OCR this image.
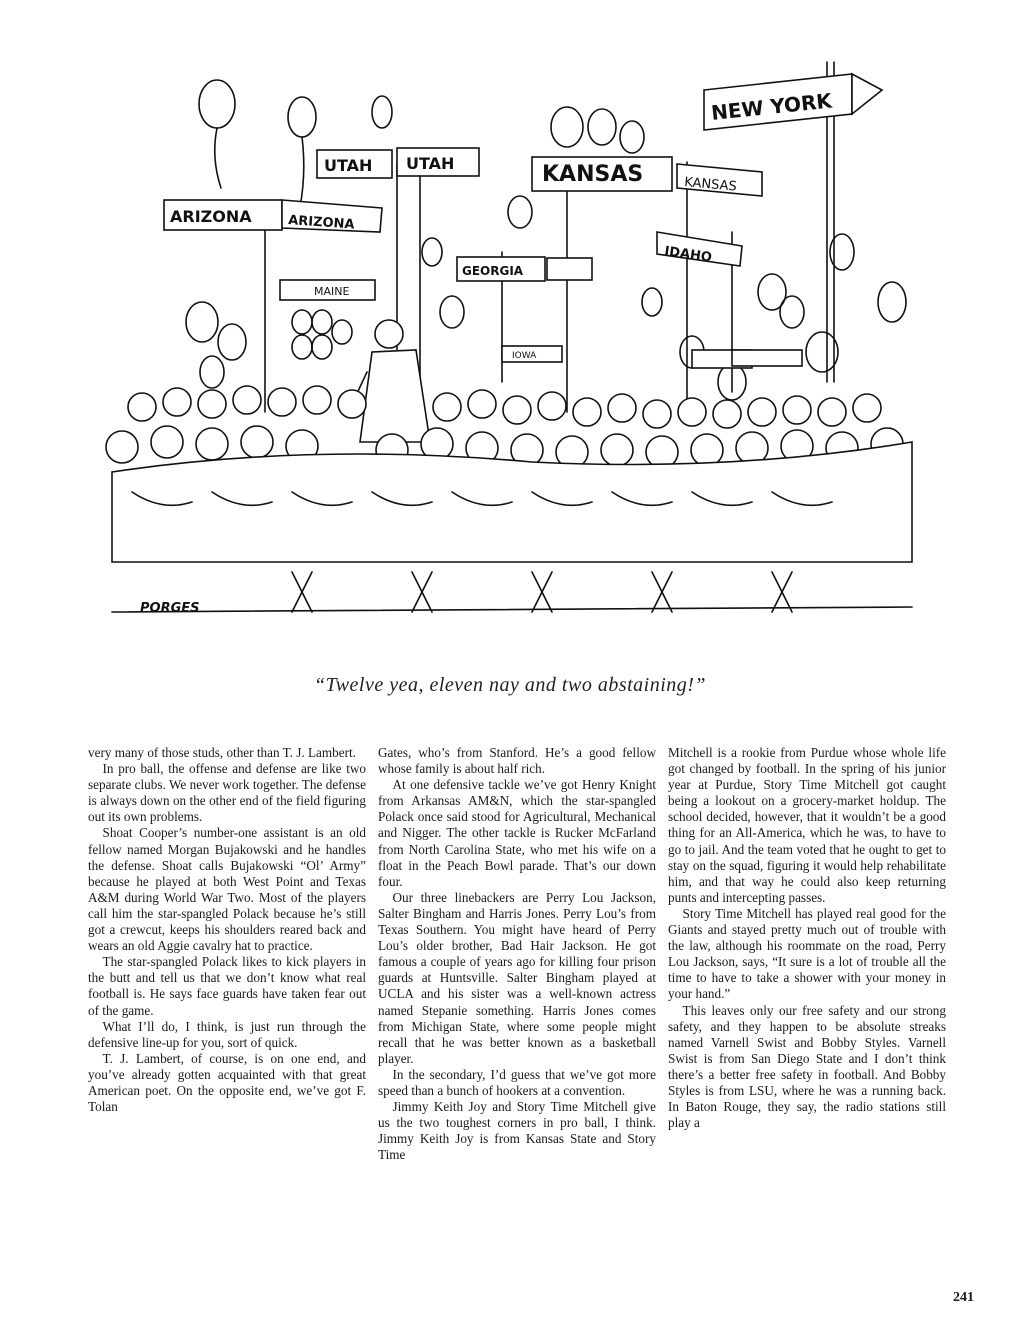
NEW YORK
UTAH UTAH	KANSAS	KANSAS
ARIZONA	ARIZONA
IDAHO
GEORGIA
MAINE
IOWA
PORGES
“Twelve yea, eleven nay and two abstaining!”

very many of those studs, other than T. J. Lambert.

In pro ball, the offense and defense are like two separate clubs. We never work together. The defense is always down on the other end of the field figuring out its own problems.

Shoat Cooper’s number-one assistant is an old fellow named Morgan Bujakowski and he handles the defense. Shoat calls Bujakowski “Ol’ Army” because he played at both West Point and Texas A&M during World War Two. Most of the players call him the star-spangled Polack because he’s still got a crewcut, keeps his shoulders reared back and wears an old Aggie cavalry hat to practice.

The star-spangled Polack likes to kick players in the butt and tell us that we don’t know what real football is. He says face guards have taken fear out of the game.

What I’ll do, I think, is just run through the defensive line-up for you, sort of quick.

T. J. Lambert, of course, is on one end, and you’ve already gotten acquainted with that great American poet. On the opposite end, we’ve got F. Tolan

Gates, who’s from Stanford. He’s a good fellow whose family is about half rich.

At one defensive tackle we’ve got Henry Knight from Arkansas AM&N, which the star-spangled Polack once said stood for Agricultural, Mechanical and Nigger. The other tackle is Rucker McFarland from North Carolina State, who met his wife on a float in the Peach Bowl parade. That’s our down four.

Our three linebackers are Perry Lou Jackson, Salter Bingham and Harris Jones. Perry Lou’s from Texas Southern. You might have heard of Perry Lou’s older brother, Bad Hair Jackson. He got famous a couple of years ago for killing four prison guards at Huntsville. Salter Bingham played at UCLA and his sister was a well-known actress named Stepanie something. Harris Jones comes from Michigan State, where some people might recall that he was better known as a basketball player.

In the secondary, I’d guess that we’ve got more speed than a bunch of hookers at a convention.

Jimmy Keith Joy and Story Time Mitchell give us the two toughest corners in pro ball, I think. Jimmy Keith Joy is from Kansas State and Story Time

Mitchell is a rookie from Purdue whose whole life got changed by football. In the spring of his junior year at Purdue, Story Time Mitchell got caught being a lookout on a grocery-market holdup. The school decided, however, that it wouldn’t be a good thing for an All-America, which he was, to have to go to jail. And the team voted that he ought to get to stay on the squad, figuring it would help rehabilitate him, and that way he could also keep returning punts and intercepting passes.

Story Time Mitchell has played real good for the Giants and stayed pretty much out of trouble with the law, although his roommate on the road, Perry Lou Jackson, says, “It sure is a lot of trouble all the time to have to take a shower with your money in your hand.”

This leaves only our free safety and our strong safety, and they happen to be absolute streaks named Varnell Swist and Bobby Styles. Varnell Swist is from San Diego State and I don’t think there’s a better free safety in football. And Bobby Styles is from LSU, where he was a running back. In Baton Rouge, they say, the radio stations still play a

241
